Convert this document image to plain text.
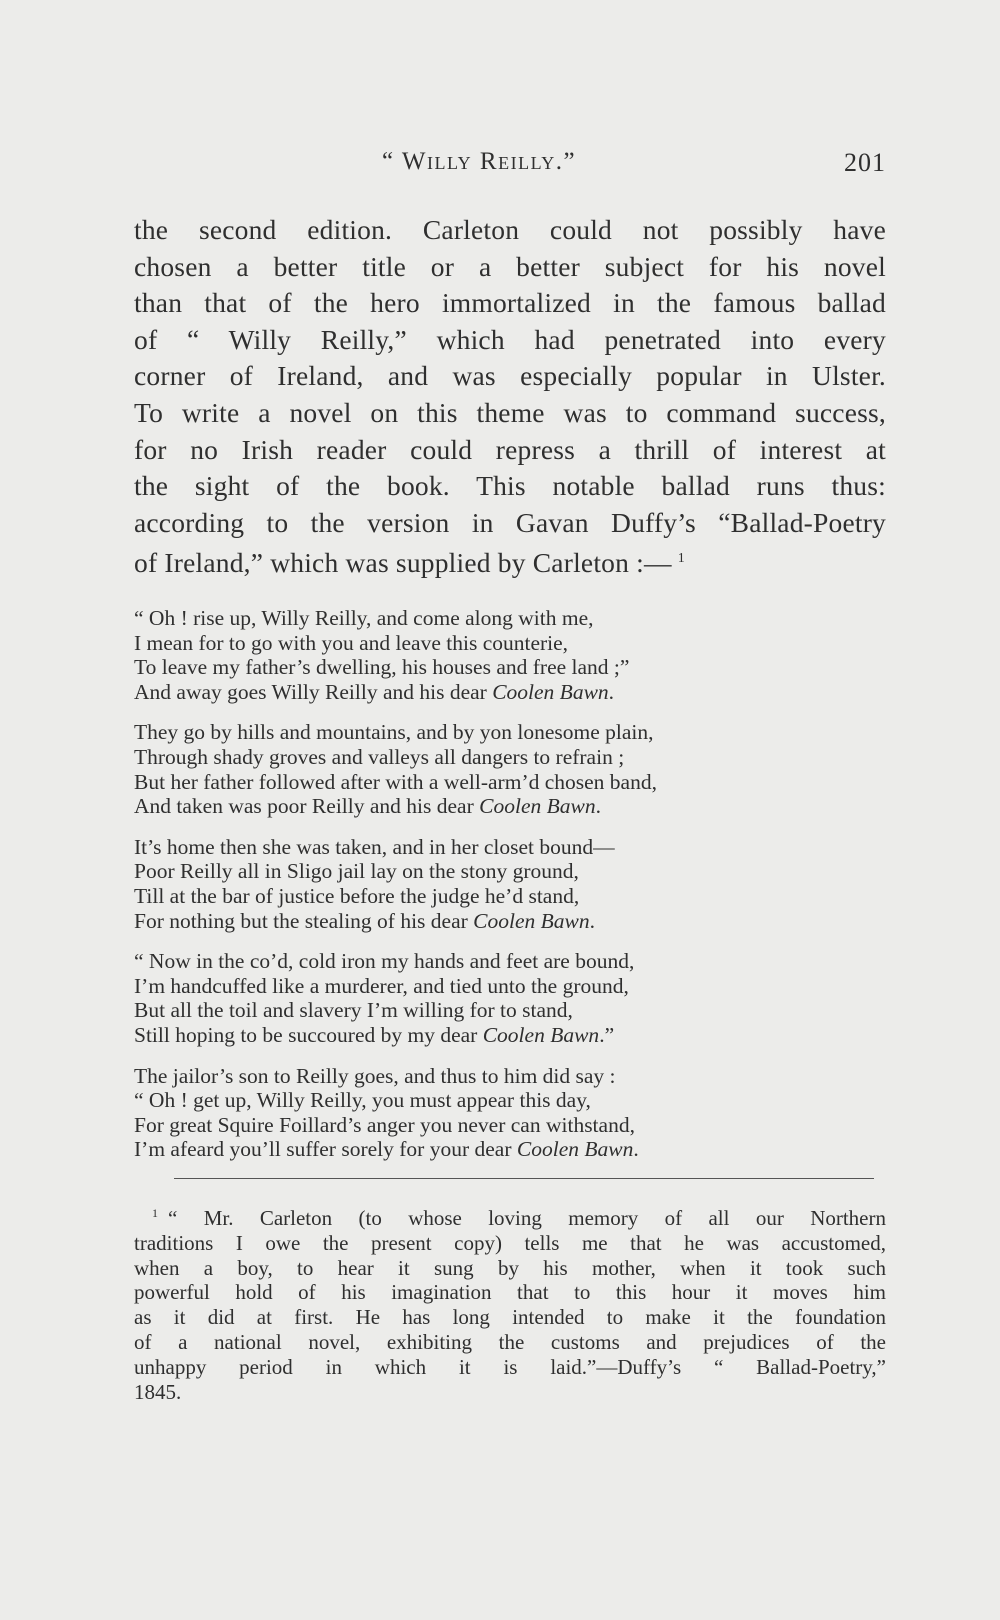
“ Willy Reilly.”	201
the second edition. Carleton could not possibly have
chosen a better title or a better subject for his novel
than that of the hero immortalized in the famous ballad
of “ Willy Reilly,” which had penetrated into every
corner of Ireland, and was especially popular in Ulster.
To write a novel on this theme was to command success,
for no Irish reader could repress a thrill of interest at
the sight of the book. This notable ballad runs thus:
according to the version in Gavan Duffy’s “Ballad-Poetry
of Ireland,” which was supplied by Carleton :— $^1$
“ Oh ! rise up, Willy Reilly, and come along with me,
I mean for to go with you and leave this counterie,
To leave my father’s dwelling, his houses and free land ;”
And away goes Willy Reilly and his dear Coolen Bawn.
They go by hills and mountains, and by yon lonesome plain,
Through shady groves and valleys all dangers to refrain ;
But her father followed after with a well-arm’d chosen band,
And taken was poor Reilly and his dear Coolen Bawn.
It’s home then she was taken, and in her closet bound—
Poor Reilly all in Sligo jail lay on the stony ground,
Till at the bar of justice before the judge he’d stand,
For nothing but the stealing of his dear Coolen Bawn.
“ Now in the co’d, cold iron my hands and feet are bound,
I’m handcuffed like a murderer, and tied unto the ground,
But all the toil and slavery I’m willing for to stand,
Still hoping to be succoured by my dear Coolen Bawn.”
The jailor’s son to Reilly goes, and thus to him did say :
“ Oh ! get up, Willy Reilly, you must appear this day,
For great Squire Foillard’s anger you never can withstand,
I’m afeard you’ll suffer sorely for your dear Coolen Bawn.
$^1$ “ Mr. Carleton (to whose loving memory of all our Northern
traditions I owe the present copy) tells me that he was accustomed,
when a boy, to hear it sung by his mother, when it took such
powerful hold of his imagination that to this hour it moves him
as it did at first. He has long intended to make it the foundation
of a national novel, exhibiting the customs and prejudices of the
unhappy period in which it is laid.”—Duffy’s “ Ballad-Poetry,”
1845.
